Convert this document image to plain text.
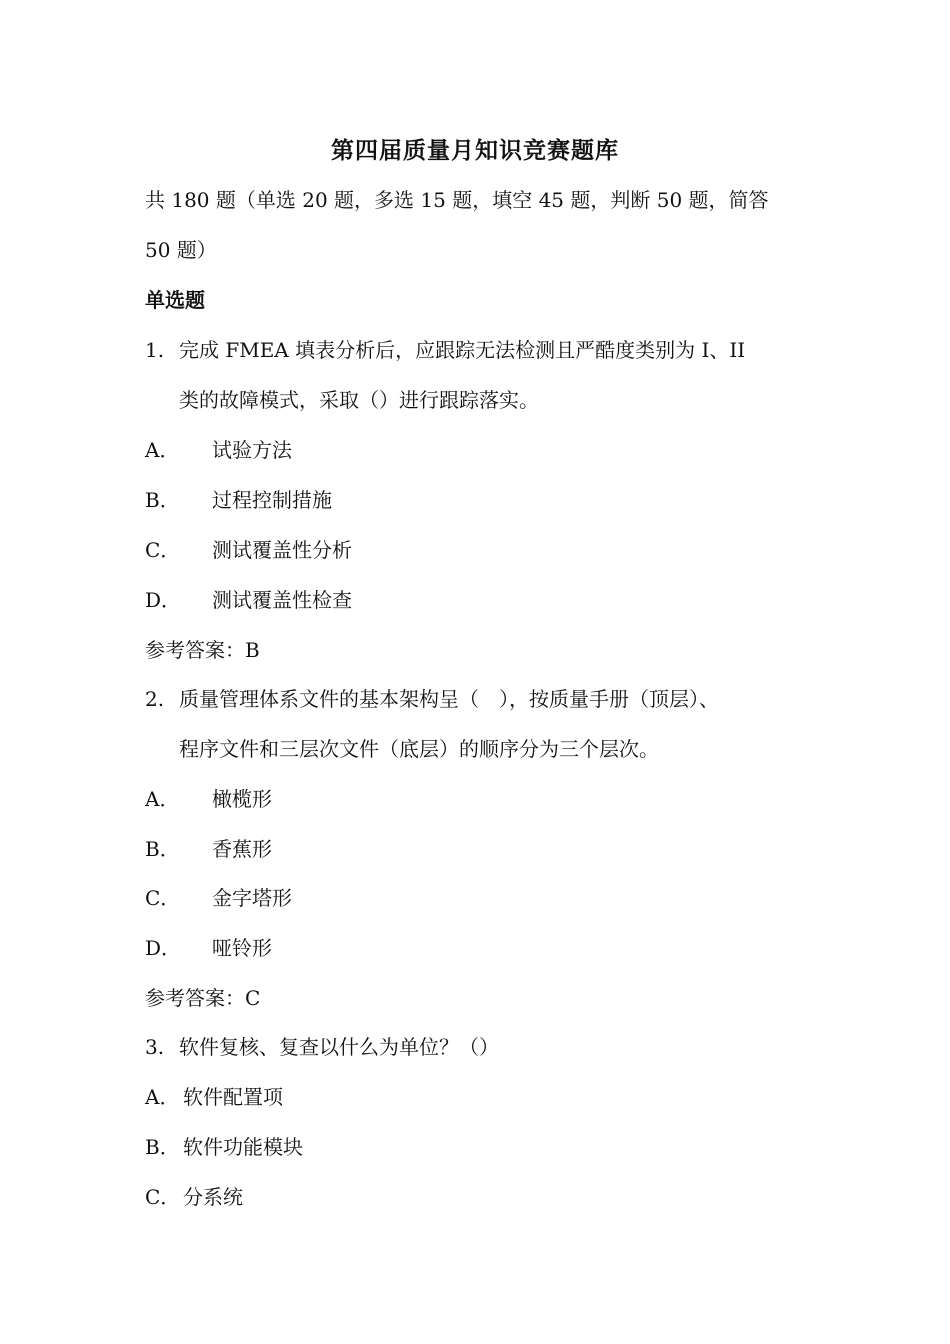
第四届质量月知识竞赛题库
共 180 题（单选 20 题，多选 15 题，填空 45 题，判断 50 题，简答
50 题）
单选题
1. 完成 FMEA 填表分析后，应跟踪无法检测且严酷度类别为 I、II
类的故障模式，采取（）进行跟踪落实。
A． 试验方法
B． 过程控制措施
C． 测试覆盖性分析
D． 测试覆盖性检查
参考答案：B
2. 质量管理体系文件的基本架构呈（　），按质量手册（顶层）、
程序文件和三层次文件（底层）的顺序分为三个层次。
A． 橄榄形
B． 香蕉形
C． 金字塔形
D． 哑铃形
参考答案：C
3. 软件复核、复查以什么为单位？（）
A． 软件配置项
B． 软件功能模块
C． 分系统
